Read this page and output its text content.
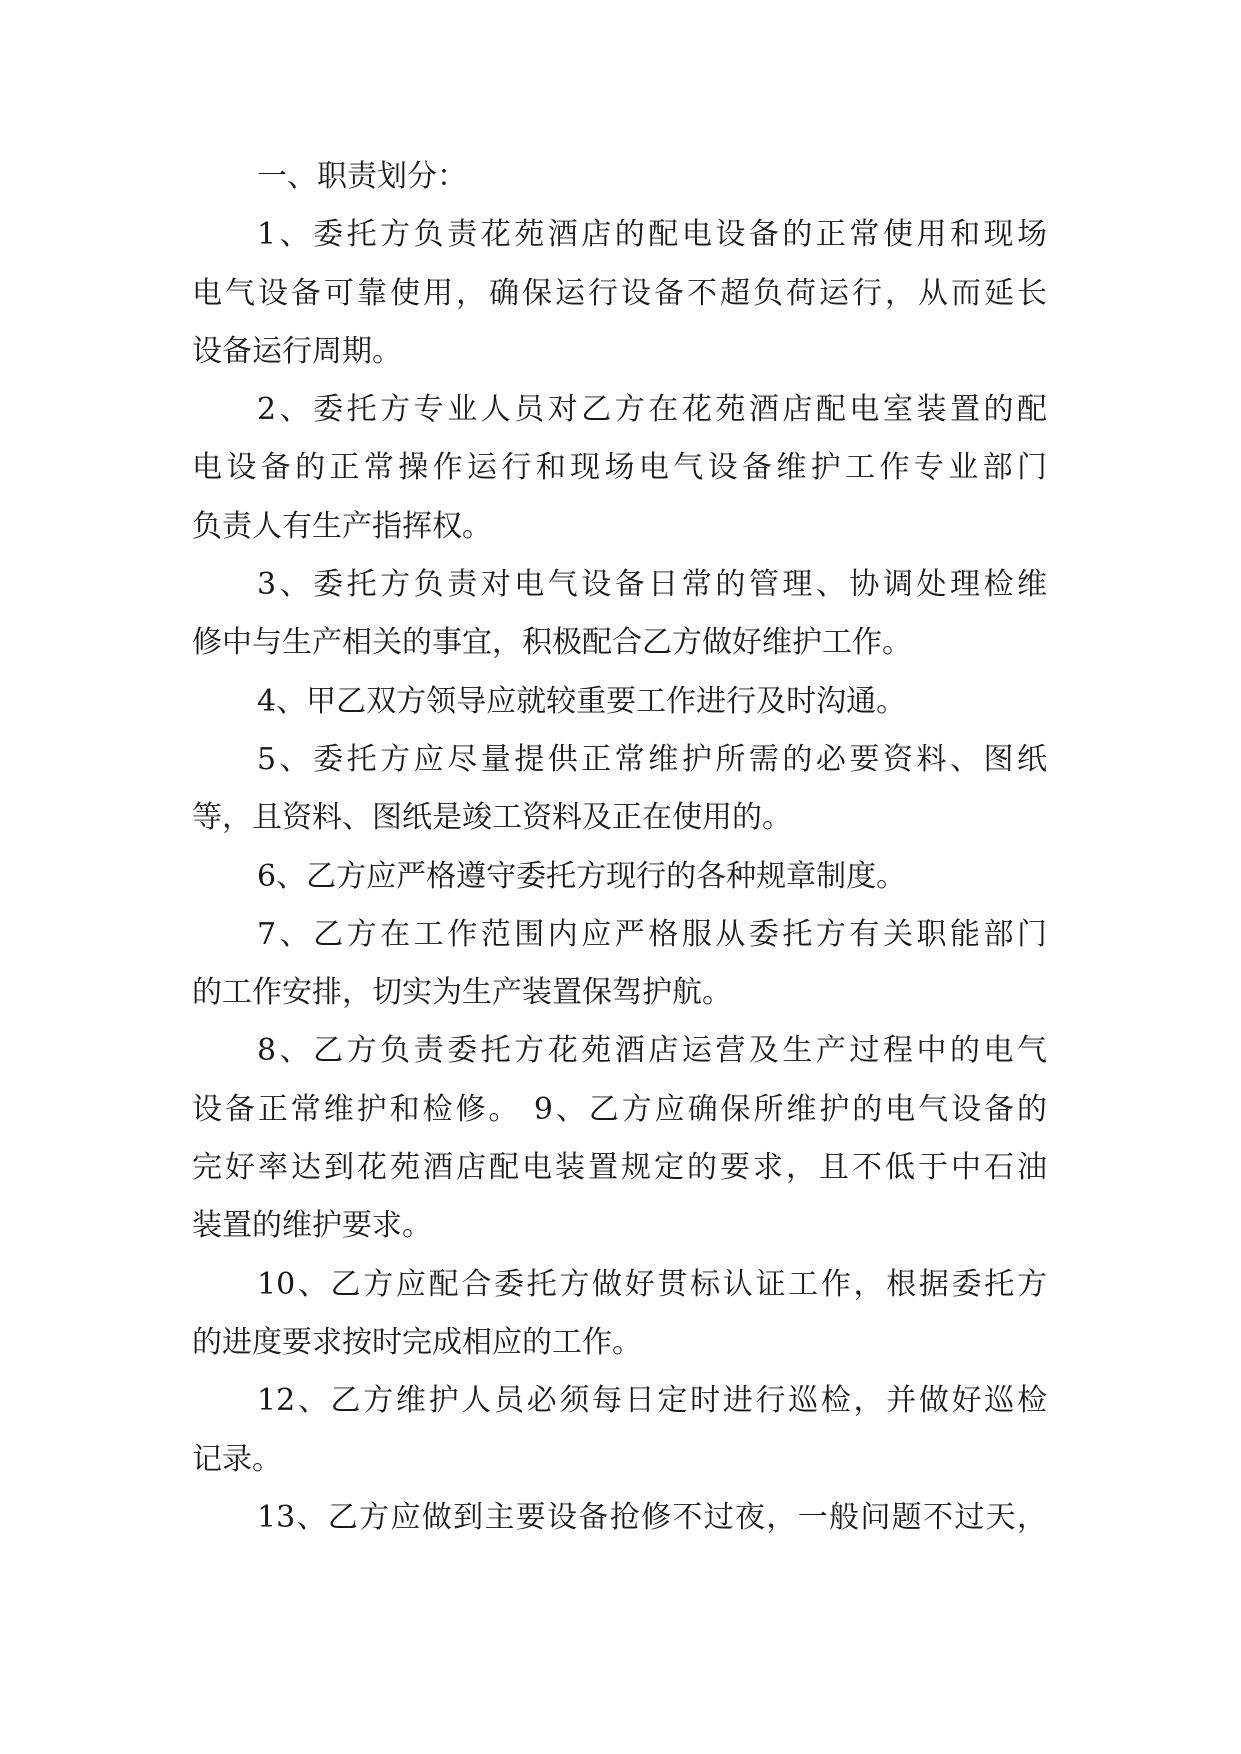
一、职责划分：
1、委托方负责花苑酒店的配电设备的正常使用和现场
电气设备可靠使用，确保运行设备不超负荷运行，从而延长
设备运行周期。
2、委托方专业人员对乙方在花苑酒店配电室装置的配
电设备的正常操作运行和现场电气设备维护工作专业部门
负责人有生产指挥权。
3、委托方负责对电气设备日常的管理、协调处理检维
修中与生产相关的事宜，积极配合乙方做好维护工作。
4、甲乙双方领导应就较重要工作进行及时沟通。
5、委托方应尽量提供正常维护所需的必要资料、图纸
等，且资料、图纸是竣工资料及正在使用的。
6、乙方应严格遵守委托方现行的各种规章制度。
7、乙方在工作范围内应严格服从委托方有关职能部门
的工作安排，切实为生产装置保驾护航。
8、乙方负责委托方花苑酒店运营及生产过程中的电气
设备正常维护和检修。 9、乙方应确保所维护的电气设备的
完好率达到花苑酒店配电装置规定的要求，且不低于中石油
装置的维护要求。
10、乙方应配合委托方做好贯标认证工作，根据委托方
的进度要求按时完成相应的工作。
12、乙方维护人员必须每日定时进行巡检，并做好巡检
记录。
13、乙方应做到主要设备抢修不过夜，一般问题不过天，
